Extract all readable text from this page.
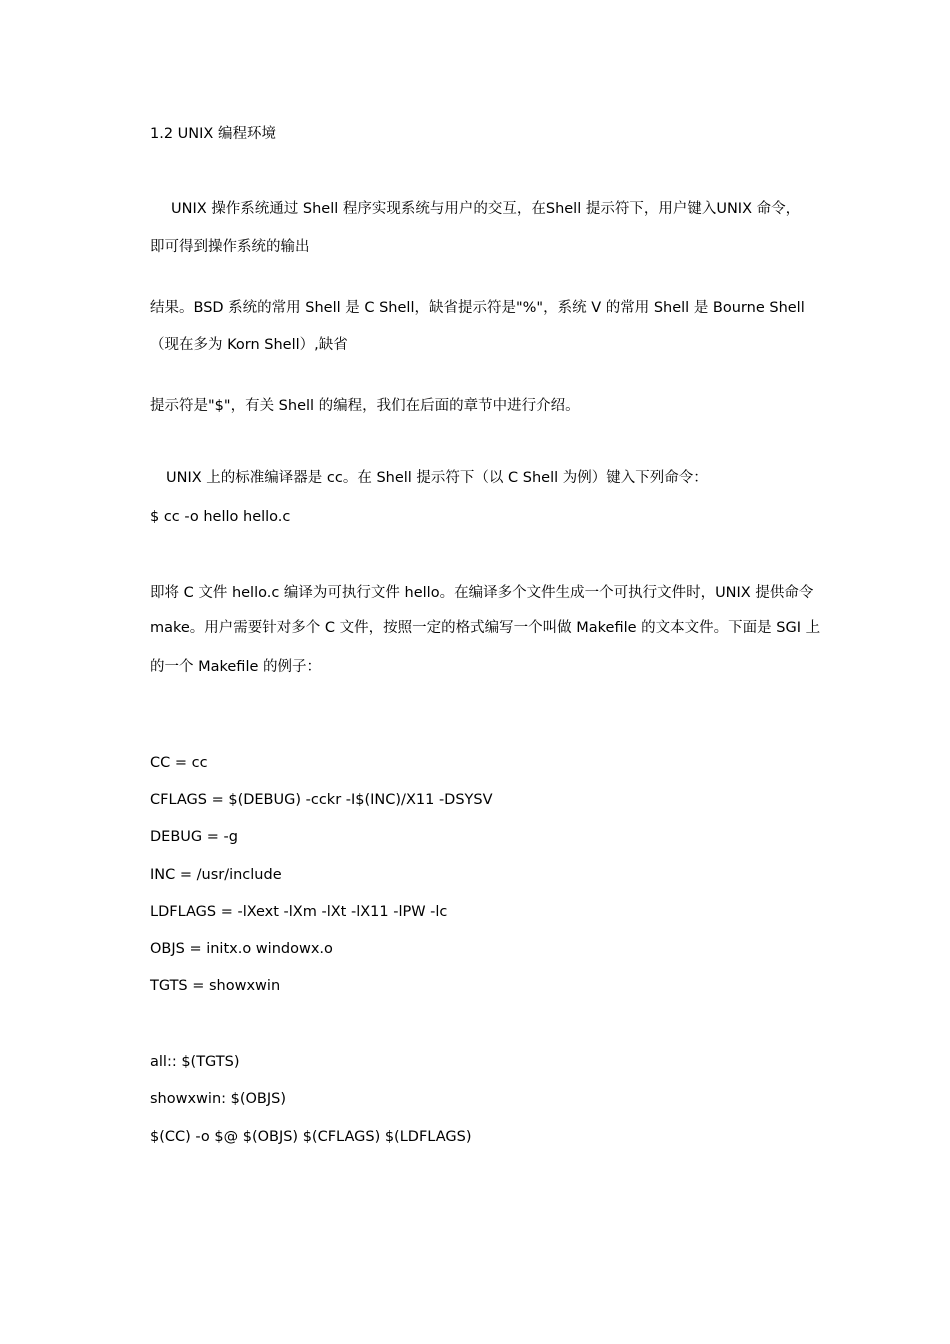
1.2 UNIX 编程环境
UNIX 操作系统通过 Shell 程序实现系统与用户的交互，在Shell 提示符下，用户键入UNIX 命令，
即可得到操作系统的输出
结果。BSD 系统的常用 Shell 是 C Shell，缺省提示符是"%"，系统 V 的常用 Shell 是 Bourne Shell
（现在多为 Korn Shell）,缺省
提示符是"$"，有关 Shell 的编程，我们在后面的章节中进行介绍。
UNIX 上的标准编译器是 cc。在 Shell 提示符下（以 C Shell 为例）键入下列命令：
$ cc -o hello hello.c
即将 C 文件 hello.c 编译为可执行文件 hello。在编译多个文件生成一个可执行文件时，UNIX 提供命令
make。用户需要针对多个 C 文件，按照一定的格式编写一个叫做 Makefile 的文本文件。下面是 SGI 上
的一个 Makefile 的例子：
CC = cc
CFLAGS = $(DEBUG) -cckr -I$(INC)/X11 -DSYSV
DEBUG = -g
INC = /usr/include
LDFLAGS = -lXext -lXm -lXt -lX11 -lPW -lc
OBJS = initx.o windowx.o
TGTS = showxwin
all:: $(TGTS)
showxwin: $(OBJS)
$(CC) -o $@ $(OBJS) $(CFLAGS) $(LDFLAGS)
